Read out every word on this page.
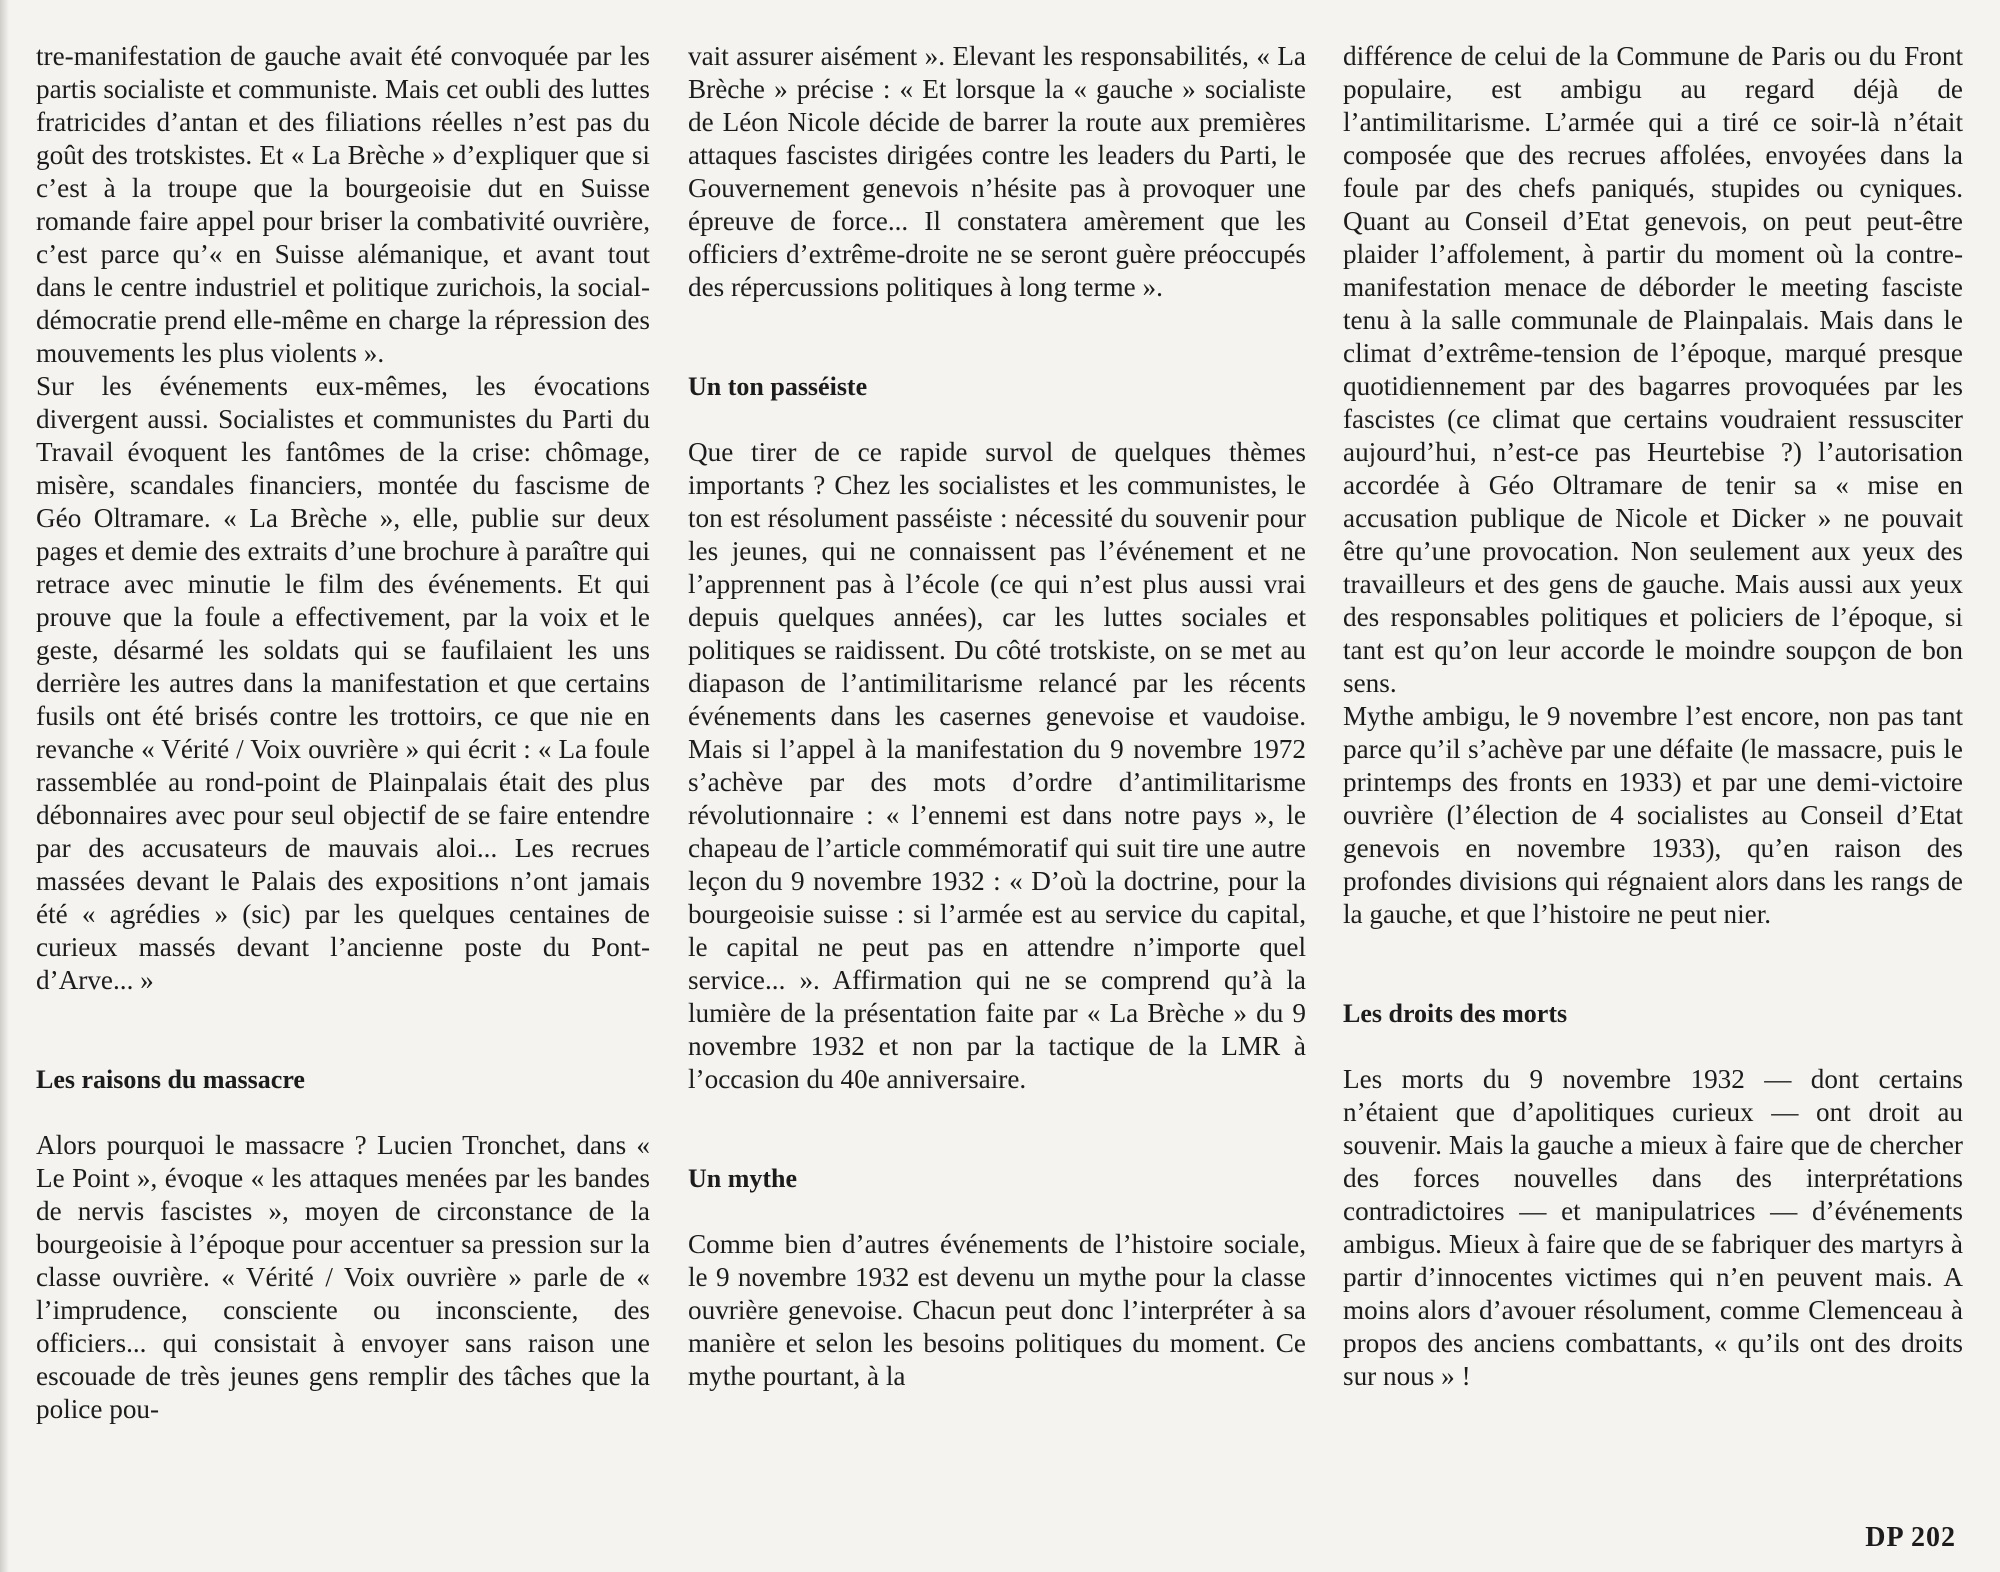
tre-manifestation de gauche avait été convoquée par les partis socialiste et communiste. Mais cet oubli des luttes fratricides d’antan et des filiations réelles n’est pas du goût des trotskistes. Et « La Brèche » d’expliquer que si c’est à la troupe que la bourgeoisie dut en Suisse romande faire appel pour briser la combativité ouvrière, c’est parce qu’« en Suisse alémanique, et avant tout dans le centre industriel et politique zurichois, la social-démocratie prend elle-même en charge la répression des mouvements les plus violents ».

Sur les événements eux-mêmes, les évocations divergent aussi. Socialistes et communistes du Parti du Travail évoquent les fantômes de la crise: chômage, misère, scandales financiers, montée du fascisme de Géo Oltramare. « La Brèche », elle, publie sur deux pages et demie des extraits d’une brochure à paraître qui retrace avec minutie le film des événements. Et qui prouve que la foule a effectivement, par la voix et le geste, désarmé les soldats qui se faufilaient les uns derrière les autres dans la manifestation et que certains fusils ont été brisés contre les trottoirs, ce que nie en revanche « Vérité / Voix ouvrière » qui écrit : « La foule rassemblée au rond-point de Plainpalais était des plus débonnaires avec pour seul objectif de se faire entendre par des accusateurs de mauvais aloi... Les recrues massées devant le Palais des expositions n’ont jamais été « agrédies » (sic) par les quelques centaines de curieux massés devant l’ancienne poste du Pont-d’Arve... »

Les raisons du massacre

Alors pourquoi le massacre ? Lucien Tronchet, dans « Le Point », évoque « les attaques menées par les bandes de nervis fascistes », moyen de circonstance de la bourgeoisie à l’époque pour accentuer sa pression sur la classe ouvrière. « Vérité / Voix ouvrière » parle de « l’imprudence, consciente ou inconsciente, des officiers... qui consistait à envoyer sans raison une escouade de très jeunes gens remplir des tâches que la police pou-

vait assurer aisément ». Elevant les responsabilités, « La Brèche » précise : « Et lorsque la « gauche » socialiste de Léon Nicole décide de barrer la route aux premières attaques fascistes dirigées contre les leaders du Parti, le Gouvernement genevois n’hésite pas à provoquer une épreuve de force... Il constatera amèrement que les officiers d’extrême-droite ne se seront guère préoccupés des répercussions politiques à long terme ».

Un ton passéiste

Que tirer de ce rapide survol de quelques thèmes importants ? Chez les socialistes et les communistes, le ton est résolument passéiste : nécessité du souvenir pour les jeunes, qui ne connaissent pas l’événement et ne l’apprennent pas à l’école (ce qui n’est plus aussi vrai depuis quelques années), car les luttes sociales et politiques se raidissent. Du côté trotskiste, on se met au diapason de l’antimilitarisme relancé par les récents événements dans les casernes genevoise et vaudoise. Mais si l’appel à la manifestation du 9 novembre 1972 s’achève par des mots d’ordre d’antimilitarisme révolutionnaire : « l’ennemi est dans notre pays », le chapeau de l’article commémoratif qui suit tire une autre leçon du 9 novembre 1932 : « D’où la doctrine, pour la bourgeoisie suisse : si l’armée est au service du capital, le capital ne peut pas en attendre n’importe quel service... ». Affirmation qui ne se comprend qu’à la lumière de la présentation faite par « La Brèche » du 9 novembre 1932 et non par la tactique de la LMR à l’occasion du 40e anniversaire.

Un mythe

Comme bien d’autres événements de l’histoire sociale, le 9 novembre 1932 est devenu un mythe pour la classe ouvrière genevoise. Chacun peut donc l’interpréter à sa manière et selon les besoins politiques du moment. Ce mythe pourtant, à la

différence de celui de la Commune de Paris ou du Front populaire, est ambigu au regard déjà de l’antimilitarisme. L’armée qui a tiré ce soir-là n’était composée que des recrues affolées, envoyées dans la foule par des chefs paniqués, stupides ou cyniques. Quant au Conseil d’Etat genevois, on peut peut-être plaider l’affolement, à partir du moment où la contre-manifestation menace de déborder le meeting fasciste tenu à la salle communale de Plainpalais. Mais dans le climat d’extrême-tension de l’époque, marqué presque quotidiennement par des bagarres provoquées par les fascistes (ce climat que certains voudraient ressusciter aujourd’hui, n’est-ce pas Heurtebise ?) l’autorisation accordée à Géo Oltramare de tenir sa « mise en accusation publique de Nicole et Dicker » ne pouvait être qu’une provocation. Non seulement aux yeux des travailleurs et des gens de gauche. Mais aussi aux yeux des responsables politiques et policiers de l’époque, si tant est qu’on leur accorde le moindre soupçon de bon sens.

Mythe ambigu, le 9 novembre l’est encore, non pas tant parce qu’il s’achève par une défaite (le massacre, puis le printemps des fronts en 1933) et par une demi-victoire ouvrière (l’élection de 4 socialistes au Conseil d’Etat genevois en novembre 1933), qu’en raison des profondes divisions qui régnaient alors dans les rangs de la gauche, et que l’histoire ne peut nier.

Les droits des morts

Les morts du 9 novembre 1932 — dont certains n’étaient que d’apolitiques curieux — ont droit au souvenir. Mais la gauche a mieux à faire que de chercher des forces nouvelles dans des interprétations contradictoires — et manipulatrices — d’événements ambigus. Mieux à faire que de se fabriquer des martyrs à partir d’innocentes victimes qui n’en peuvent mais. A moins alors d’avouer résolument, comme Clemenceau à propos des anciens combattants, « qu’ils ont des droits sur nous » !

DP 202
